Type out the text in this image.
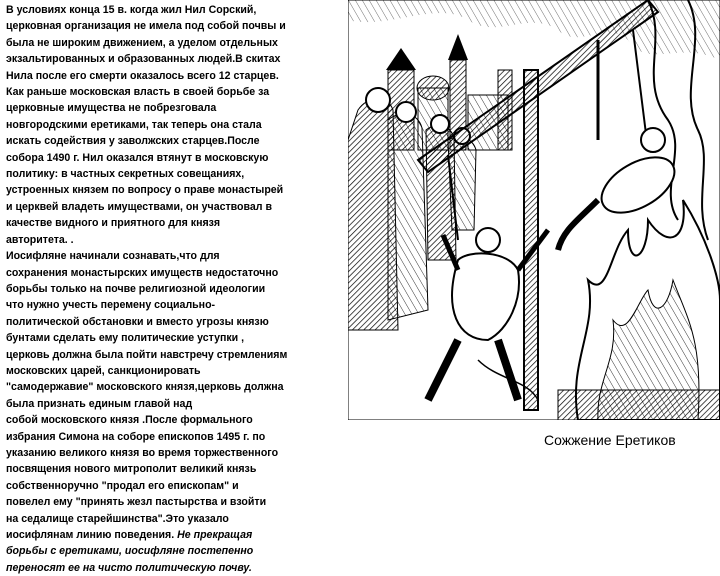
В условиях конца 15 в. когда жил Нил Сорский,
церковная организация не имела под собой почвы и
была не широким движением, а уделом отдельных
экзальтированных и образованных людей.В скитах
Нила после его смерти оказалось всего 12 старцев.
Как раньше московская власть в своей борьбе за
церковные имущества не побрезговала
новгородскими еретиками, так теперь она стала
искать содействия у заволжских старцев.После
собора 1490 г. Нил оказался втянут в московскую
политику: в частных секретных совещаниях,
устроенных князем по вопросу о праве монастырей
и церквей владеть имуществами, он участвовал в
качестве видного и приятного для князя
авторитета. .
Иосифляне начинали сознавать,что для
сохранения монастырских имуществ недостаточно
борьбы только на почве религиозной идеологии
что нужно учесть перемену социально-
политической обстановки и вместо угрозы князю
бунтами сделать ему политические уступки ,
церковь должна была пойти навстречу стремлениям
московских царей, санкционировать
"самодержавие" московского князя,церковь должна
была признать единым главой над
собой московского князя .После формального
избрания Симона на соборе епископов 1495 г. по
указанию великого князя во время торжественного
посвящения нового митрополит великий князь
собственноручно "продал его епископам" и
повелел ему "принять жезл пастырства и взойти
на седалище старейшинства".Это указало
иосифлянам линию поведения. Не прекращая
борьбы с еретиками, иосифляне постепенно
переносят ее на чисто политическую почву.
Сожжение Еретиков
